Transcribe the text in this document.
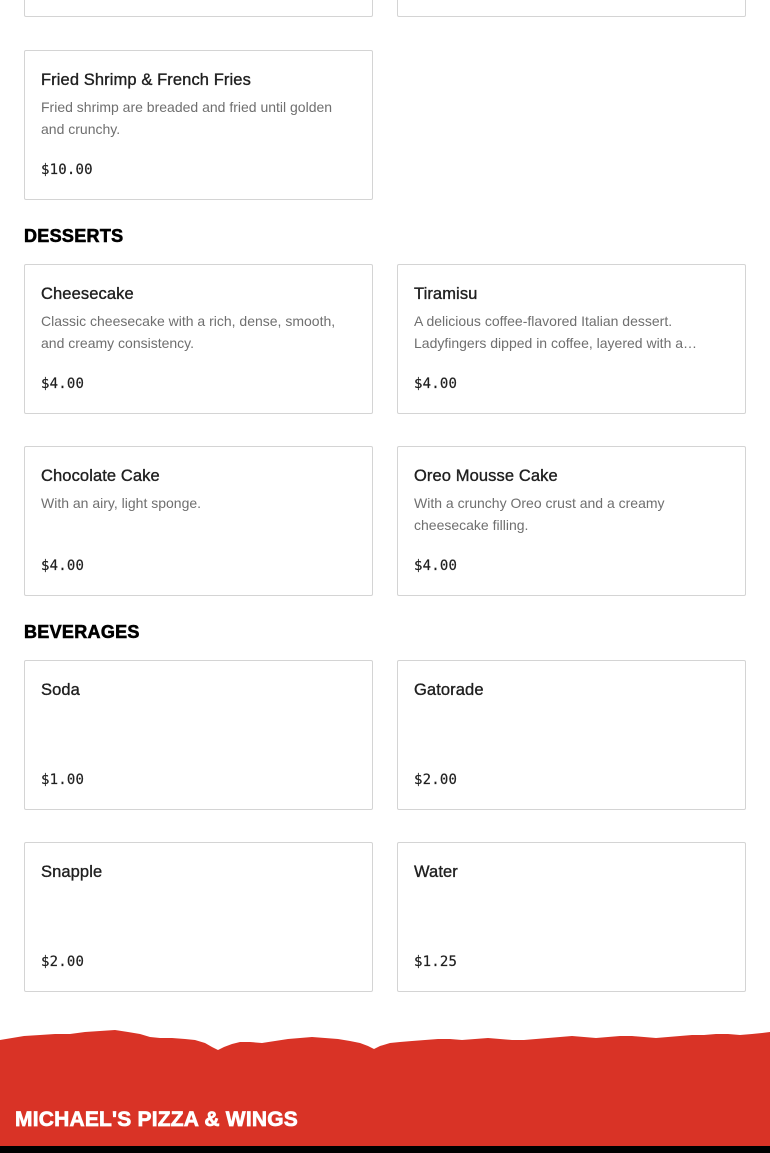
Fried Shrimp & French Fries
Fried shrimp are breaded and fried until golden and crunchy.
$10.00
DESSERTS
Cheesecake
Classic cheesecake with a rich, dense, smooth, and creamy consistency.
$4.00
Tiramisu
A delicious coffee-flavored Italian dessert. Ladyfingers dipped in coffee, layered with a…
$4.00
Chocolate Cake
With an airy, light sponge.
$4.00
Oreo Mousse Cake
With a crunchy Oreo crust and a creamy cheesecake filling.
$4.00
BEVERAGES
Soda
$1.00
Gatorade
$2.00
Snapple
$2.00
Water
$1.25
MICHAEL'S PIZZA & WINGS
